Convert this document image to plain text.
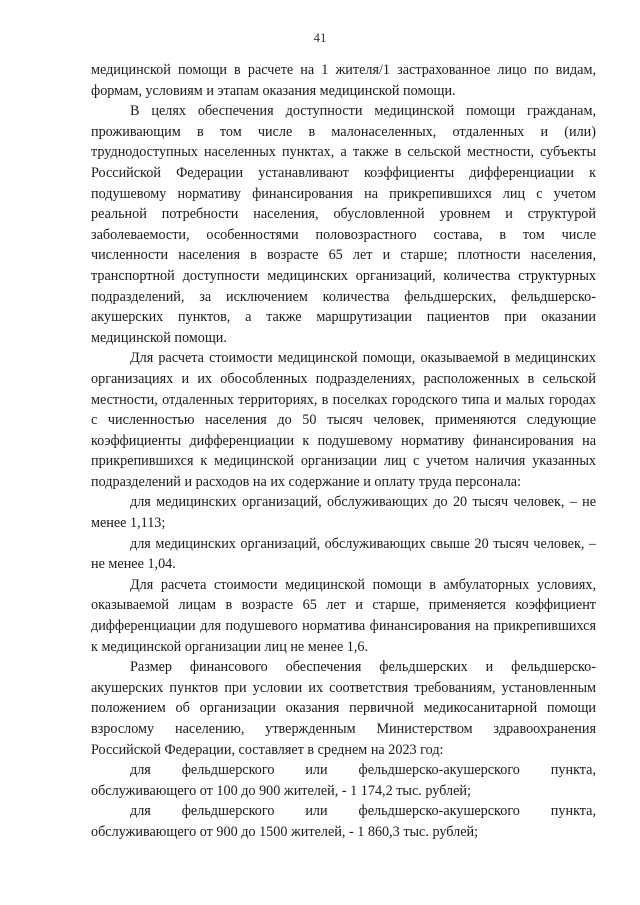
41

медицинской помощи в расчете на 1 жителя/1 застрахованное лицо по видам, формам, условиям и этапам оказания медицинской помощи.

В целях обеспечения доступности медицинской помощи гражданам, проживающим в том числе в малонаселенных, отдаленных и (или) труднодоступных населенных пунктах, а также в сельской местности, субъекты Российской Федерации устанавливают коэффициенты дифференциации к подушевому нормативу финансирования на прикрепившихся лиц с учетом реальной потребности населения, обусловленной уровнем и структурой заболеваемости, особенностями половозрастного состава, в том числе численности населения в возрасте 65 лет и старше; плотности населения, транспортной доступности медицинских организаций, количества структурных подразделений, за исключением количества фельдшерских, фельдшерско-акушерских пунктов, а также маршрутизации пациентов при оказании медицинской помощи.

Для расчета стоимости медицинской помощи, оказываемой в медицинских организациях и их обособленных подразделениях, расположенных в сельской местности, отдаленных территориях, в поселках городского типа и малых городах с численностью населения до 50 тысяч человек, применяются следующие коэффициенты дифференциации к подушевому нормативу финансирования на прикрепившихся к медицинской организации лиц с учетом наличия указанных подразделений и расходов на их содержание и оплату труда персонала:

для медицинских организаций, обслуживающих до 20 тысяч человек, – не менее 1,113;

для медицинских организаций, обслуживающих свыше 20 тысяч человек, – не менее 1,04.

Для расчета стоимости медицинской помощи в амбулаторных условиях, оказываемой лицам в возрасте 65 лет и старше, применяется коэффициент дифференциации для подушевого норматива финансирования на прикрепившихся к медицинской организации лиц не менее 1,6.

Размер финансового обеспечения фельдшерских и фельдшерско-акушерских пунктов при условии их соответствия требованиям, установленным положением об организации оказания первичной медикосанитарной помощи взрослому населению, утвержденным Министерством здравоохранения Российской Федерации, составляет в среднем на 2023 год:

для фельдшерского или фельдшерско-акушерского пункта,

обслуживающего от 100 до 900 жителей, - 1 174,2 тыс. рублей;

для фельдшерского или фельдшерско-акушерского пункта,

обслуживающего от 900 до 1500 жителей, - 1 860,3 тыс. рублей;
